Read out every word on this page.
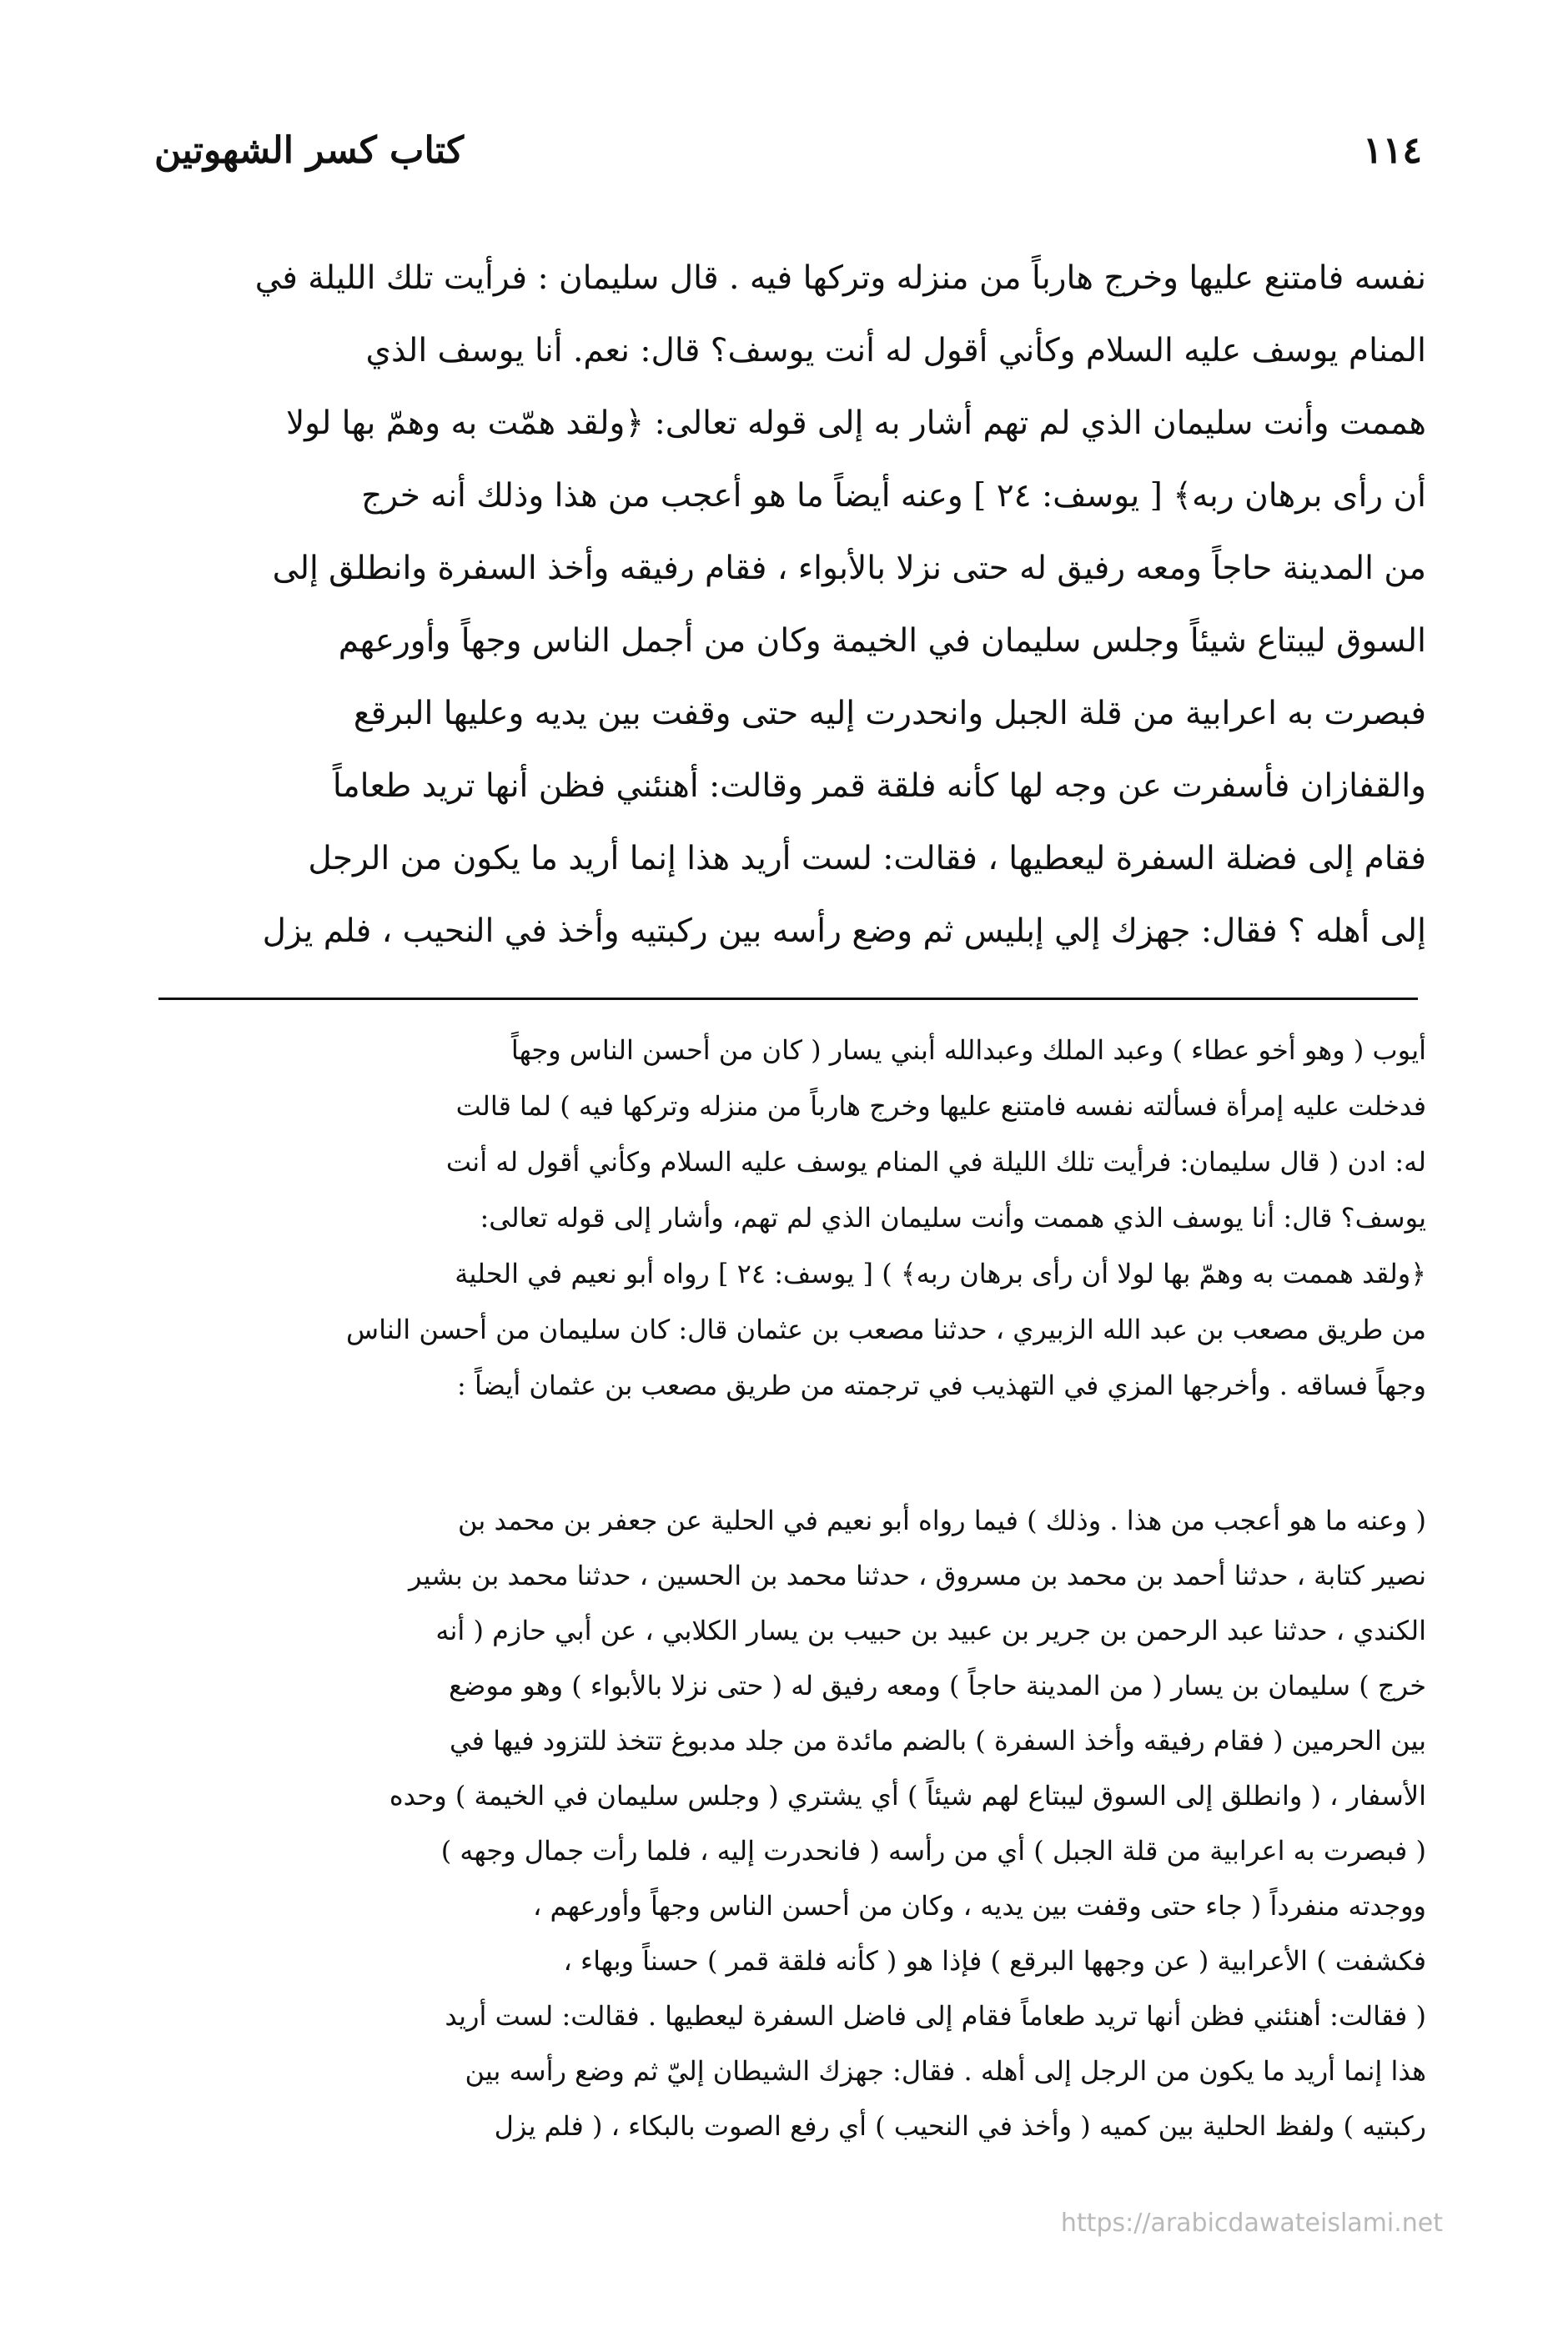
١١٤
كتاب كسر الشهوتين
نفسه فامتنع عليها وخرج هارباً من منزله وتركها فيه . قال سليمان : فرأيت تلك الليلة في
المنام يوسف عليه السلام وكأني أقول له أنت يوسف؟ قال: نعم. أنا يوسف الذي
هممت وأنت سليمان الذي لم تهم أشار به إلى قوله تعالى: ﴿ولقد همّت به وهمّ بها لولا
أن رأى برهان ربه﴾ [ يوسف: ٢٤ ] وعنه أيضاً ما هو أعجب من هذا وذلك أنه خرج
من المدينة حاجاً ومعه رفيق له حتى نزلا بالأبواء ، فقام رفيقه وأخذ السفرة وانطلق إلى
السوق ليبتاع شيئاً وجلس سليمان في الخيمة وكان من أجمل الناس وجهاً وأورعهم
فبصرت به اعرابية من قلة الجبل وانحدرت إليه حتى وقفت بين يديه وعليها البرقع
والقفازان فأسفرت عن وجه لها كأنه فلقة قمر وقالت: أهنئني فظن أنها تريد طعاماً
فقام إلى فضلة السفرة ليعطيها ، فقالت: لست أريد هذا إنما أريد ما يكون من الرجل
إلى أهله ؟ فقال: جهزك إلي إبليس ثم وضع رأسه بين ركبتيه وأخذ في النحيب ، فلم يزل
أيوب ( وهو أخو عطاء ) وعبد الملك وعبدالله أبني يسار ( كان من أحسن الناس وجهاً
فدخلت عليه إمرأة فسألته نفسه فامتنع عليها وخرج هارباً من منزله وتركها فيه ) لما قالت
له: ادن ( قال سليمان: فرأيت تلك الليلة في المنام يوسف عليه السلام وكأني أقول له أنت
يوسف؟ قال: أنا يوسف الذي هممت وأنت سليمان الذي لم تهم، وأشار إلى قوله تعالى:
﴿ولقد هممت به وهمّ بها لولا أن رأى برهان ربه﴾ ) [ يوسف: ٢٤ ] رواه أبو نعيم في الحلية
من طريق مصعب بن عبد الله الزبيري ، حدثنا مصعب بن عثمان قال: كان سليمان من أحسن الناس
وجهاً فساقه . وأخرجها المزي في التهذيب في ترجمته من طريق مصعب بن عثمان أيضاً :
( وعنه ما هو أعجب من هذا . وذلك ) فيما رواه أبو نعيم في الحلية عن جعفر بن محمد بن
نصير كتابة ، حدثنا أحمد بن محمد بن مسروق ، حدثنا محمد بن الحسين ، حدثنا محمد بن بشير
الكندي ، حدثنا عبد الرحمن بن جرير بن عبيد بن حبيب بن يسار الكلابي ، عن أبي حازم ( أنه
خرج ) سليمان بن يسار ( من المدينة حاجاً ) ومعه رفيق له ( حتى نزلا بالأبواء ) وهو موضع
بين الحرمين ( فقام رفيقه وأخذ السفرة ) بالضم مائدة من جلد مدبوغ تتخذ للتزود فيها في
الأسفار ، ( وانطلق إلى السوق ليبتاع لهم شيئاً ) أي يشتري ( وجلس سليمان في الخيمة ) وحده
( فبصرت به اعرابية من قلة الجبل ) أي من رأسه ( فانحدرت إليه ، فلما رأت جمال وجهه )
ووجدته منفرداً ( جاء حتى وقفت بين يديه ، وكان من أحسن الناس وجهاً وأورعهم ،
فكشفت ) الأعرابية ( عن وجهها البرقع ) فإذا هو ( كأنه فلقة قمر ) حسناً وبهاء ،
( فقالت: أهنئني فظن أنها تريد طعاماً فقام إلى فاضل السفرة ليعطيها . فقالت: لست أريد
هذا إنما أريد ما يكون من الرجل إلى أهله . فقال: جهزك الشيطان إليّ ثم وضع رأسه بين
ركبتيه ) ولفظ الحلية بين كميه ( وأخذ في النحيب ) أي رفع الصوت بالبكاء ، ( فلم يزل
https://arabicdawateislami.net
